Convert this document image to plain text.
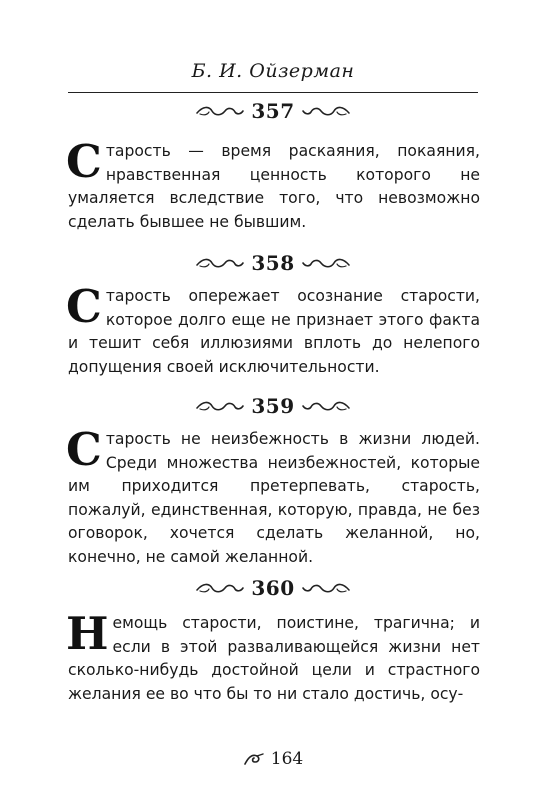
Б. И. Ойзерман
357
Старость — время раскаяния, покаяния, нравственная ценность которого не умаляется вследствие того, что невозможно сделать бывшее не бывшим.
358
Старость опережает осознание старости, которое долго еще не признает этого факта и тешит себя иллюзиями вплоть до нелепого допущения своей исключительности.
359
Старость не неизбежность в жизни людей. Среди множества неизбежностей, которые им приходится претерпевать, старость, пожалуй, единственная, которую, правда, не без оговорок, хочется сделать желанной, но, конечно, не самой желанной.
360
Немощь старости, поистине, трагична; и если в этой разваливающейся жизни нет сколько-нибудь достойной цели и страстного желания ее во что бы то ни стало достичь, осу-
164
